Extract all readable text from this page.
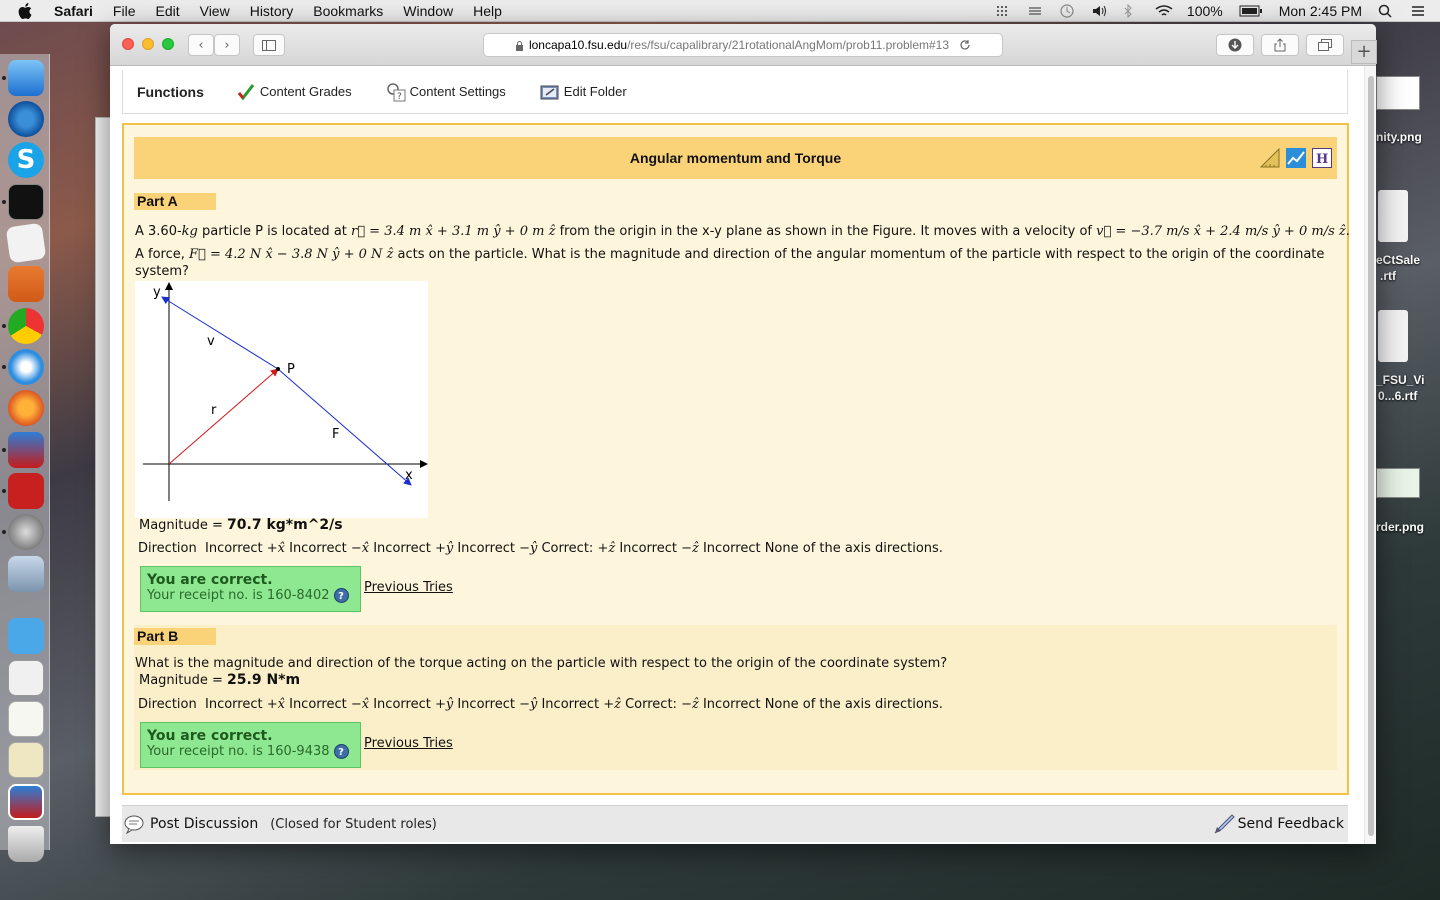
Safari File Edit View History Bookmarks Window Help	100%	Mon 2:45 PM
S
nity.png
eCtSale
.rtf
_FSU_Vi
0...6.rtf
rder.png
‹ ›	loncapa10.fsu.edu /res/fsu/capalibrary/21rotationalAngMom/prob11.problem#13
Functions	Content Grades	? Content Settings	Edit Folder
Angular momentum and Torque	H
Part A
A 3.60-kg particle P is located at r⃗ = 3.4 m x̂ + 3.1 m ŷ + 0 m ẑ from the origin in the x-y plane as shown in the Figure. It moves with a velocity of v⃗ = −3.7 m/s x̂ + 2.4 m/s ŷ + 0 m/s ẑ.
A force, F⃗ = 4.2 N x̂ − 3.8 N ŷ + 0 N ẑ acts on the particle. What is the magnitude and direction of the angular momentum of the particle with respect to the origin of the coordinate
system?
y
x
v
P
r
F
Magnitude = 70.7 kg*m^2/s
Direction Incorrect +x̂ Incorrect −x̂ Incorrect +ŷ Incorrect −ŷ Correct: +ẑ Incorrect −ẑ Incorrect None of the axis directions.
You are correct.
Your receipt no. is 160-8402 ?
Previous Tries
Part B
What is the magnitude and direction of the torque acting on the particle with respect to the origin of the coordinate system?
Magnitude = 25.9 N*m
Direction Incorrect +x̂ Incorrect −x̂ Incorrect +ŷ Incorrect −ŷ Incorrect +ẑ Correct: −ẑ Incorrect None of the axis directions.
You are correct.
Your receipt no. is 160-9438 ?
Previous Tries
Post Discussion (Closed for Student roles)	Send Feedback
+
